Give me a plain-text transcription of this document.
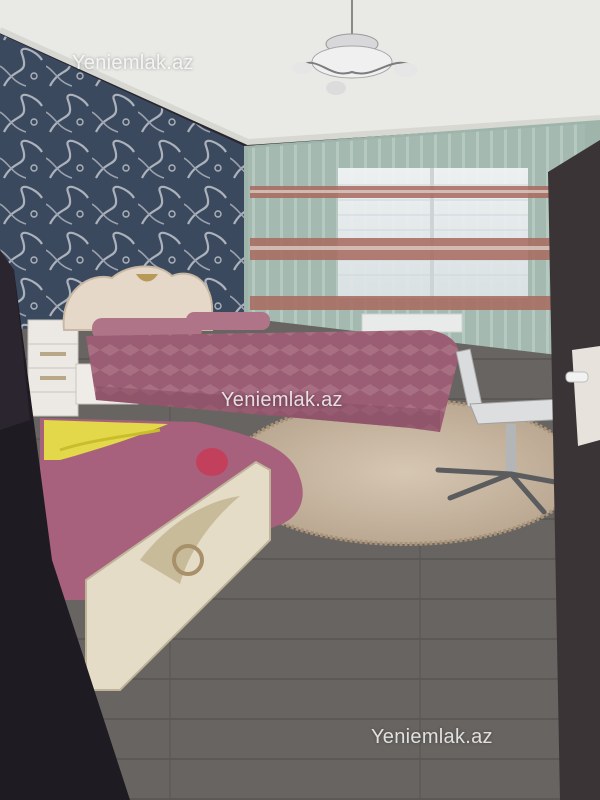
Yeniemlak.az
Yeniemlak.az
Yeniemlak.az
